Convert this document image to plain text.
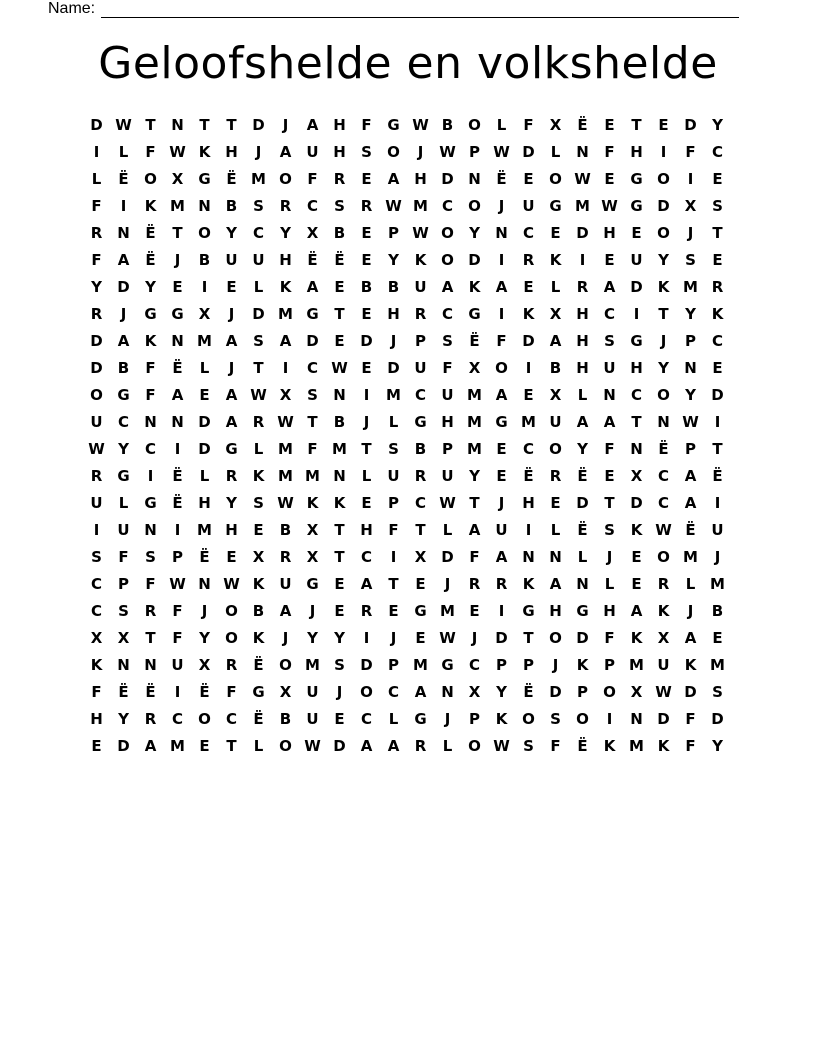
Name:
Geloofshelde en volkshelde
D W T	N	T	T	D	J	A H	F	G W B O	L	F	X	Ë	E	T	E	D	Y
I	L	F W K H	J	A	U H	S	O	J	W P W D	L	N	F	H	I	F	C
L	Ë	O X	G	Ë M O	F	R	E	A H D N	Ë	E	O W E	G O	I	E
F	I	K M N	B	S	R	C	S	R W M C	O	J	U G M W G D X	S
R N	Ë	T	O	Y	C	Y	X	B	E	P W O	Y	N	C	E	D H	E	O	J	T
F	A	Ë	J	B	U U H	Ë	Ë	E	Y	K O D	I	R	K	I	E	U	Y	S	E
Y	D	Y	E	I	E	L	K	A	E	B	B	U	A	K	A	E	L	R	A D K M R
R	J	G G	X	J	D M G	T	E	H R	C	G	I	K	X H	C	I	T	Y	K
D A	K N M A	S	A D	E	D	J	P	S	Ë	F	D A H	S	G	J	P	C
D	B	F	Ë	L	J	T	I	C W E	D U	F	X O	I	B	H U H	Y	N	E
O G	F	A	E	A W X	S	N	I	M C	U M A	E	X	L	N	C	O	Y	D
U	C	N N D A	R W T	B	J	L	G H M G M U	A	A	T	N W	I
W Y	C	I	D G	L M F M T	S	B	P M E	C	O	Y	F	N	Ë	P	T
R	G	I	Ë	L	R	K M M N	L	U	R	U	Y	E	Ë	R	Ë	E	X	C	A	Ë
U	L	G	Ë	H	Y	S W K	K	E	P	C W T	J	H	E	D	T	D	C	A	I
I	U N	I	M H	E	B	X	T	H	F	T	L	A	U	I	L	Ë	S	K W Ë	U
S	F	S	P	Ë	E	X	R	X	T	C	I	X D	F	A N N	L	J	E	O M	J
C	P	F W N W K	U G	E	A	T	E	J	R	R	K	A N	L	E	R	L M
C	S	R	F	J	O B	A	J	E	R	E	G M E	I	G H G H A	K	J	B
X	X	T	F	Y	O K	J	Y	Y	I	J	E W	J	D	T	O D	F	K	X	A	E
K N N U	X	R	Ë	O M S	D	P M G	C	P	P	J	K	P M U	K M
F	Ë	Ë	I	Ë	F	G	X	U	J	O	C	A N X	Y	Ë	D	P	O X W D	S
H	Y	R	C	O	C	Ë	B	U	E	C	L	G	J	P	K O	S	O	I	N D	F	D
E	D A M E	T	L	O W D A	A	R	L	O W S	F	Ë	K M K	F	Y
